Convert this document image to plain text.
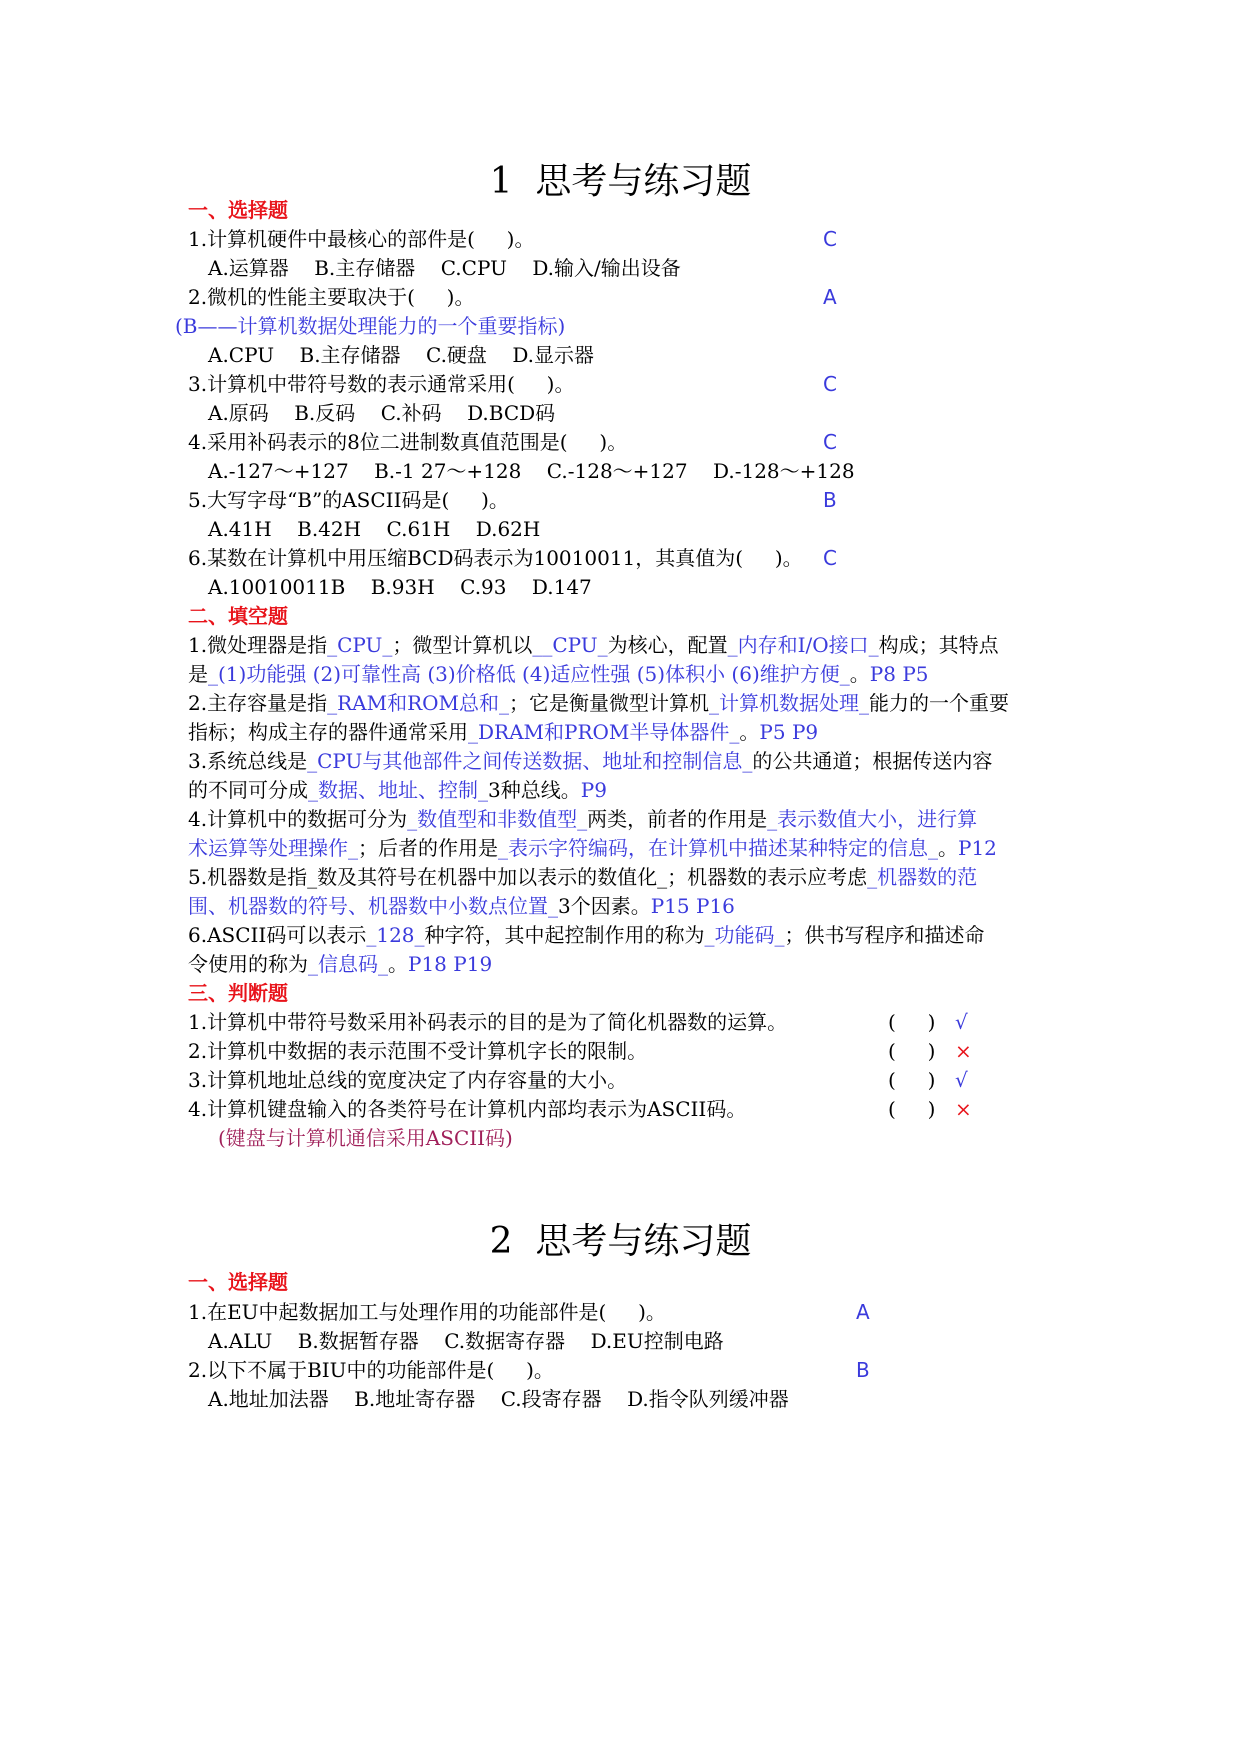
1  思考与练习题
一、选择题
1.计算机硬件中最核心的部件是(     )。	C
A.运算器    B.主存储器    C.CPU    D.输入/输出设备
2.微机的性能主要取决于(     )。	A
(B——计算机数据处理能力的一个重要指标)
A.CPU    B.主存储器    C.硬盘    D.显示器
3.计算机中带符号数的表示通常采用(     )。	C
A.原码    B.反码    C.补码    D.BCD码
4.采用补码表示的8位二进制数真值范围是(     )。	C
A.-127～+127    B.-1 27～+128    C.-128～+127    D.-128～+128
5.大写字母“B”的ASCII码是(     )。	B
A.41H    B.42H    C.61H    D.62H
6.某数在计算机中用压缩BCD码表示为10010011，其真值为(     )。 C
A.10010011B    B.93H    C.93    D.147
二、填空题
1.微处理器是指_CPU_；微型计算机以__CPU_为核心，配置_内存和I/O接口_构成；其特点
是_(1)功能强 (2)可靠性高 (3)价格低 (4)适应性强 (5)体积小 (6)维护方便_。P8 P5
2.主存容量是指_RAM和ROM总和_；它是衡量微型计算机_计算机数据处理_能力的一个重要
指标；构成主存的器件通常采用_DRAM和PROM半导体器件_。P5 P9
3.系统总线是_CPU与其他部件之间传送数据、地址和控制信息_的公共通道；根据传送内容
的不同可分成_数据、地址、控制_3种总线。P9
4.计算机中的数据可分为_数值型和非数值型_两类，前者的作用是_表示数值大小，进行算
术运算等处理操作_；后者的作用是_表示字符编码，在计算机中描述某种特定的信息_。P12
5.机器数是指_数及其符号在机器中加以表示的数值化_；机器数的表示应考虑_机器数的范
围、机器数的符号、机器数中小数点位置_3个因素。P15 P16
6.ASCII码可以表示_128_种字符，其中起控制作用的称为_功能码_；供书写程序和描述命
令使用的称为_信息码_。P18 P19
三、判断题
1.计算机中带符号数采用补码表示的目的是为了简化机器数的运算。	(     ) √
2.计算机中数据的表示范围不受计算机字长的限制。	(     ) ×
3.计算机地址总线的宽度决定了内存容量的大小。	(     ) √
4.计算机键盘输入的各类符号在计算机内部均表示为ASCII码。	(     ) ×
(键盘与计算机通信采用ASCII码)
2  思考与练习题
一、选择题
1.在EU中起数据加工与处理作用的功能部件是(     )。	A
A.ALU    B.数据暂存器    C.数据寄存器    D.EU控制电路
2.以下不属于BIU中的功能部件是(     )。	B
A.地址加法器    B.地址寄存器    C.段寄存器    D.指令队列缓冲器
